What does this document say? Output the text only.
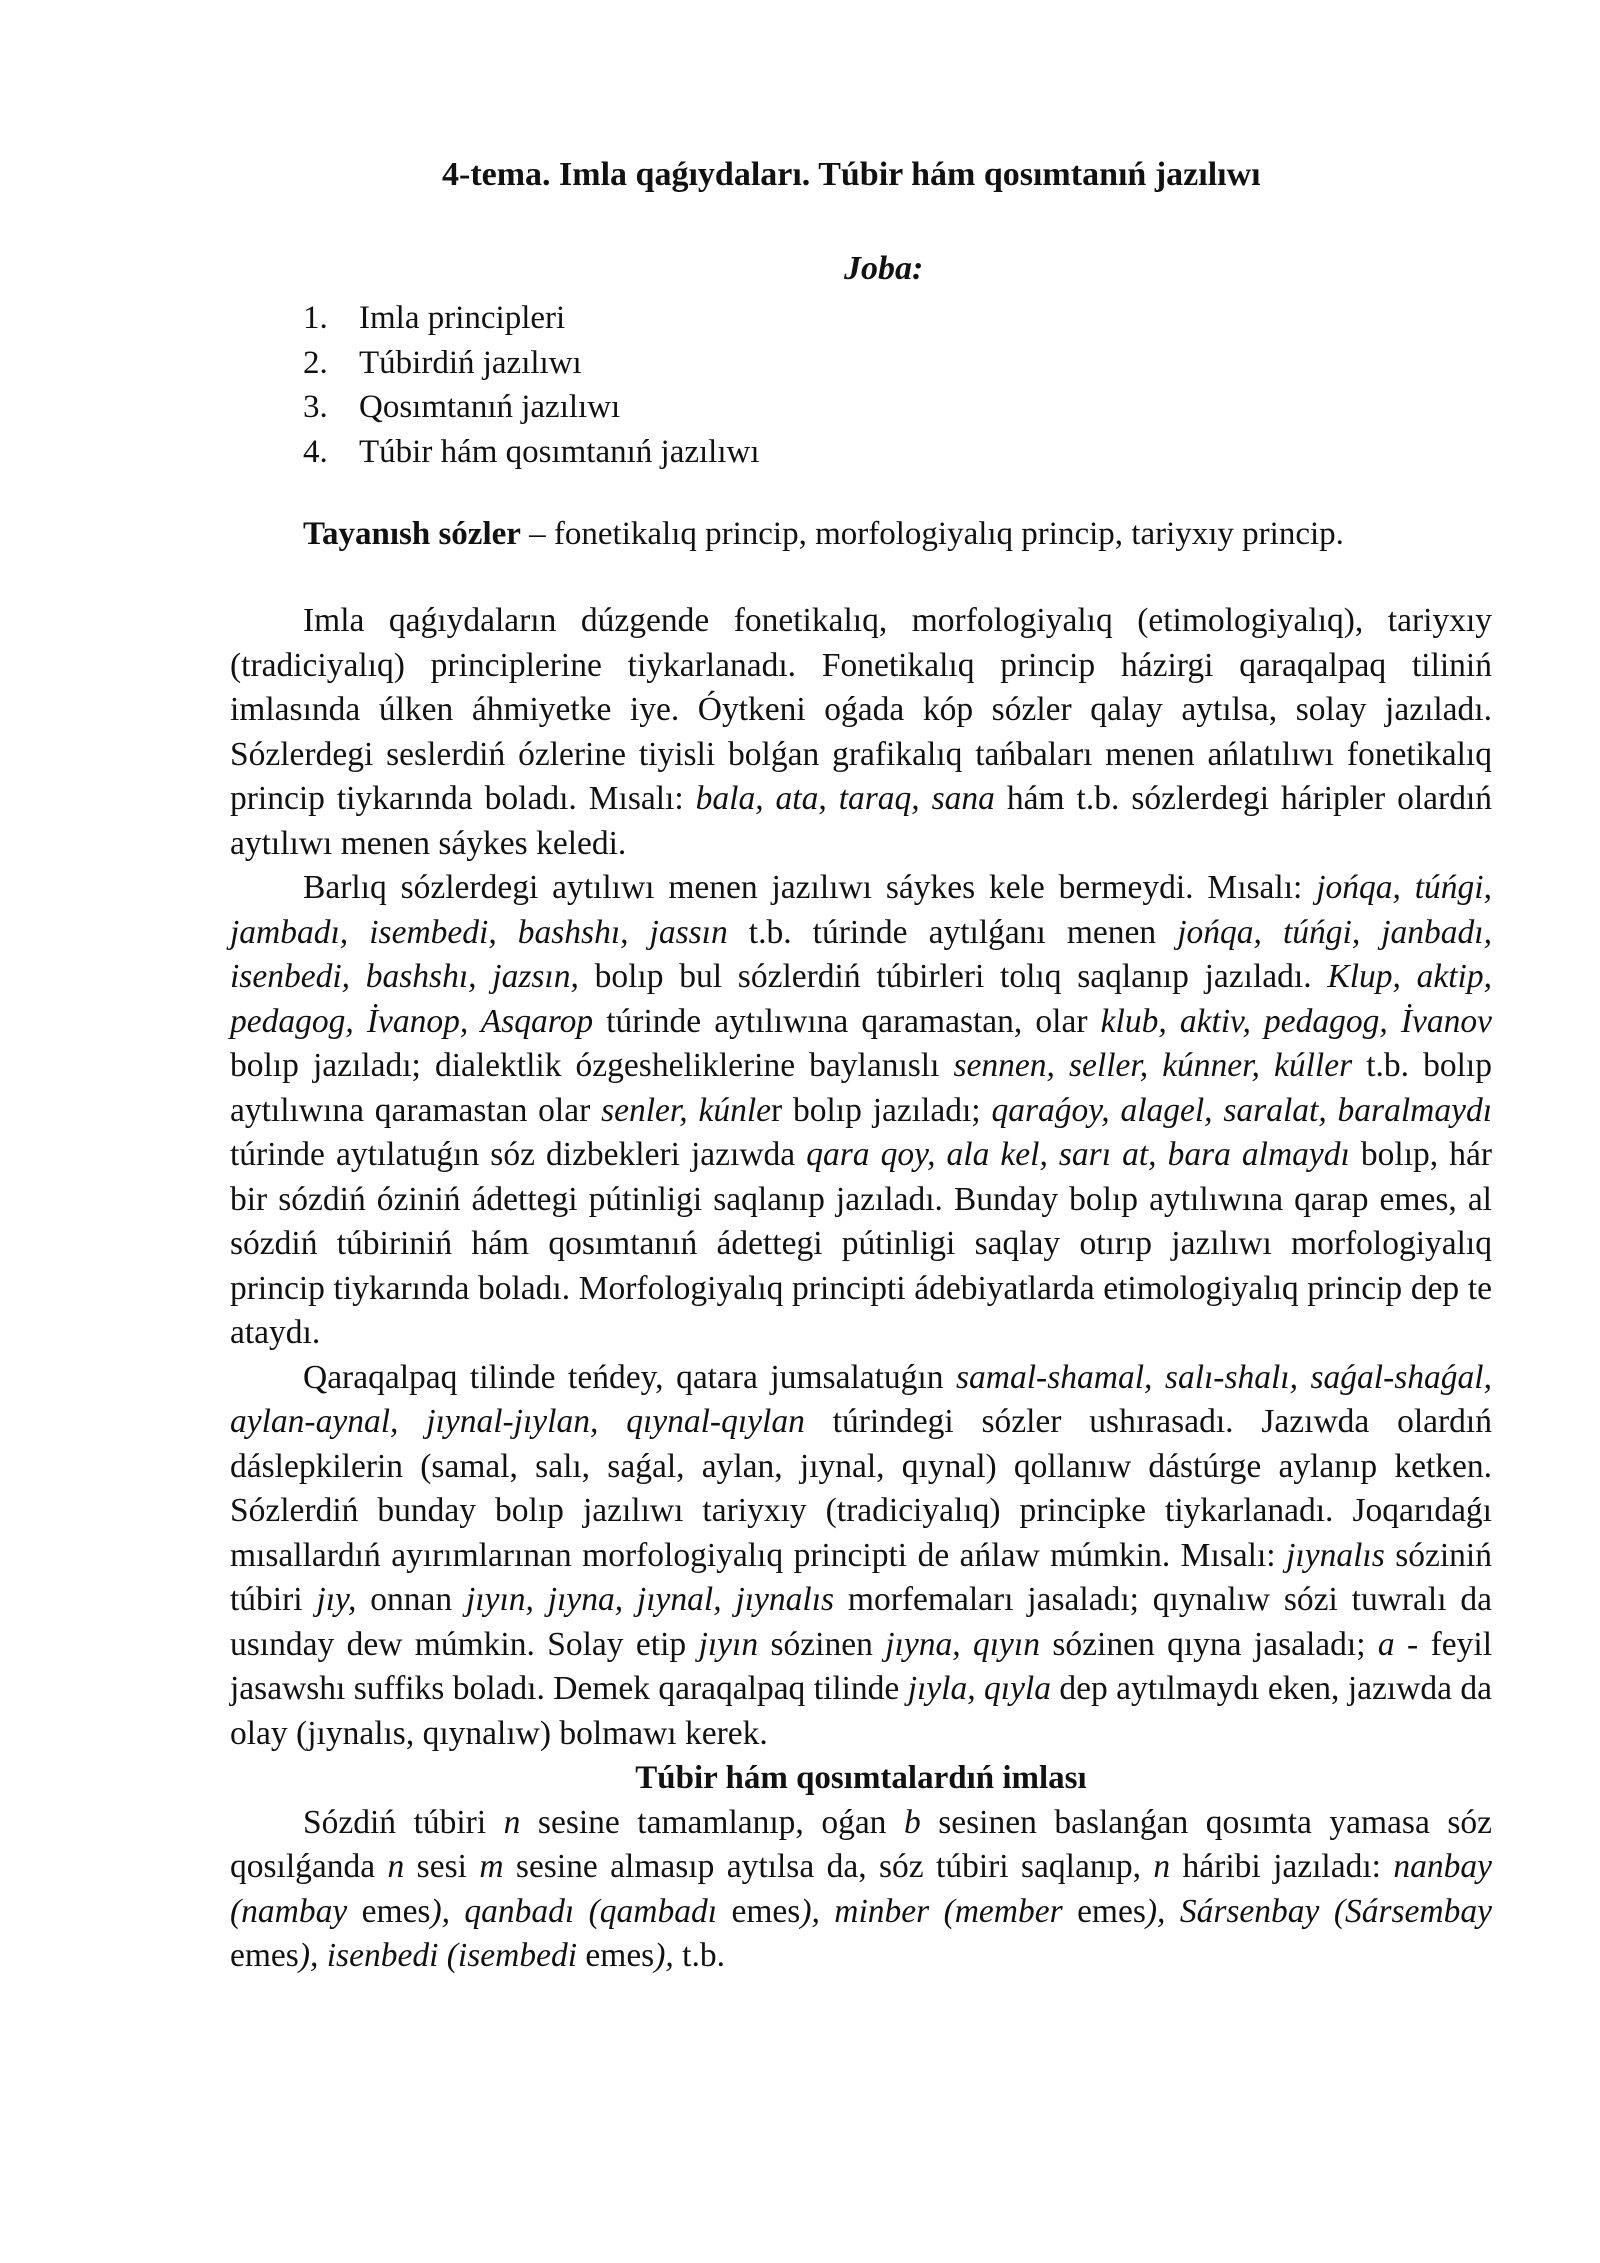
4-tema. Imla qaǵıydaları. Túbir hám qosımtanıń jazılıwı
Joba:
1. Imla principleri
2. Túbirdiń jazılıwı
3. Qosımtanıń jazılıwı
4. Túbir hám qosımtanıń jazılıwı
Tayanısh sózler – fonetikalıq princip, morfologiyalıq princip, tariyxıy princip.

Imla qaǵıydaların dúzgende fonetikalıq, morfologiyalıq (etimologiyalıq), tariyxıy (tradiciyalıq) principlerine tiykarlanadı. Fonetikalıq princip házirgi qaraqalpaq tiliniń imlasında úlken áhmiyetke iye. Óytkeni oǵada kóp sózler qalay aytılsa, solay jazıladı. Sózlerdegi seslerdiń ózlerine tiyisli bolǵan grafikalıq tańbaları menen ańlatılıwı fonetikalıq princip tiykarında boladı. Mısalı: bala, ata, taraq, sana hám t.b. sózlerdegi háripler olardıń aytılıwı menen sáykes keledi.

Barlıq sózlerdegi aytılıwı menen jazılıwı sáykes kele bermeydi. Mısalı: jońqa, túńgi, jambadı, isembedi, bashshı, jassın t.b. túrinde aytılǵanı menen jońqa, túńgi, janbadı, isenbedi, bashshı, jazsın, bolıp bul sózlerdiń túbirleri tolıq saqlanıp jazıladı. Klup, aktip, pedagog, İvanop, Asqarop túrinde aytılıwına qaramastan, olar klub, aktiv, pedagog, İvanov bolıp jazıladı; dialektlik ózgesheliklerine baylanıslı sennen, seller, kúnner, kúller t.b. bolıp aytılıwına qaramastan olar senler, kúnler bolıp jazıladı; qaraǵoy, alagel, saralat, baralmaydı túrinde aytılatuǵın sóz dizbekleri jazıwda qara qoy, ala kel, sarı at, bara almaydı bolıp, hár bir sózdiń óziniń ádettegi pútinligi saqlanıp jazıladı. Bunday bolıp aytılıwına qarap emes, al sózdiń túbiriniń hám qosımtanıń ádettegi pútinligi saqlay otırıp jazılıwı morfologiyalıq princip tiykarında boladı. Morfologiyalıq principti ádebiyatlarda etimologiyalıq princip dep te ataydı.

Qaraqalpaq tilinde teńdey, qatara jumsalatuǵın samal-shamal, salı-shalı, saǵal-shaǵal, aylan-aynal, jıynal-jıylan, qıynal-qıylan túrindegi sózler ushırasadı. Jazıwda olardıń dáslepkilerin (samal, salı, saǵal, aylan, jıynal, qıynal) qollanıw dástúrge aylanıp ketken. Sózlerdiń bunday bolıp jazılıwı tariyxıy (tradiciyalıq) principke tiykarlanadı. Joqarıdaǵı mısallardıń ayırımlarınan morfologiyalıq principti de ańlaw múmkin. Mısalı: jıynalıs sóziniń túbiri jıy, onnan jıyın, jıyna, jıynal, jıynalıs morfemaları jasaladı; qıynalıw sózi tuwralı da usınday dew múmkin. Solay etip jıyın sózinen jıyna, qıyın sózinen qıyna jasaladı; a - feyil jasawshı suffiks boladı. Demek qaraqalpaq tilinde jıyla, qıyla dep aytılmaydı eken, jazıwda da olay (jıynalıs, qıynalıw) bolmawı kerek.

Túbir hám qosımtalardıń imlası

Sózdiń túbiri n sesine tamamlanıp, oǵan b sesinen baslanǵan qosımta yamasa sóz qosılǵanda n sesi m sesine almasıp aytılsa da, sóz túbiri saqlanıp, n háribi jazıladı: nanbay (nambay emes), qanbadı (qambadı emes), minber (member emes), Sársenbay (Sársembay emes), isenbedi (isembedi emes), t.b.
